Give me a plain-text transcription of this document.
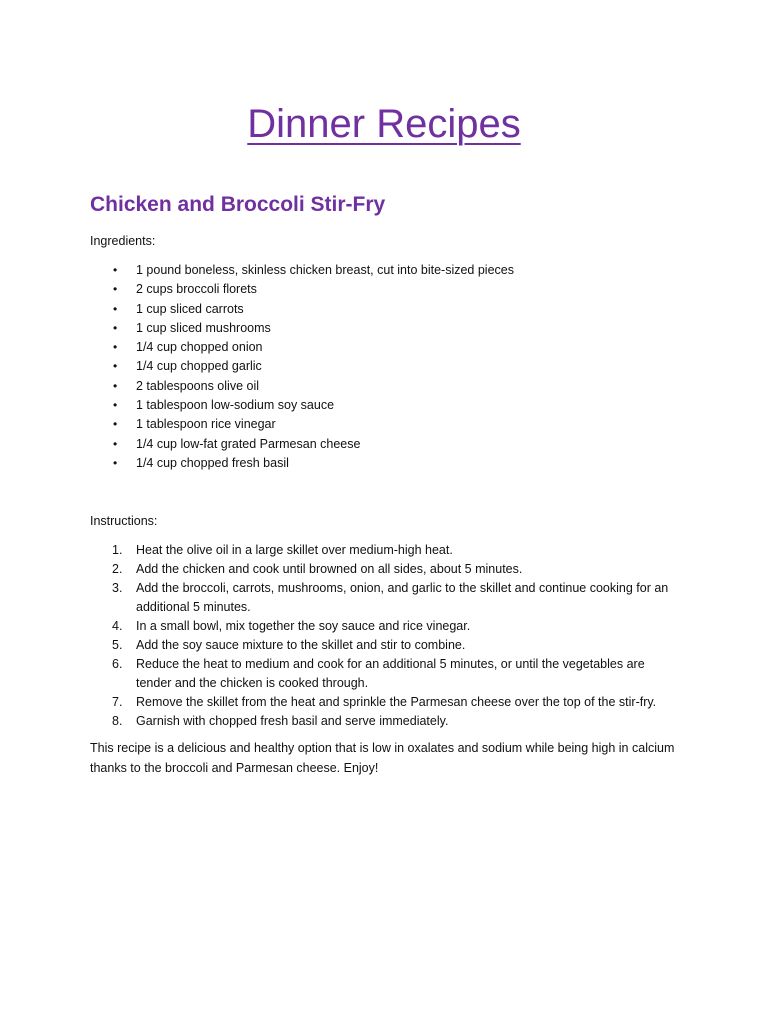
Dinner Recipes
Chicken and Broccoli Stir-Fry

Ingredients:

• 1 pound boneless, skinless chicken breast, cut into bite-sized pieces
• 2 cups broccoli florets
• 1 cup sliced carrots
• 1 cup sliced mushrooms
• 1/4 cup chopped onion
• 1/4 cup chopped garlic
• 2 tablespoons olive oil
• 1 tablespoon low-sodium soy sauce
• 1 tablespoon rice vinegar
• 1/4 cup low-fat grated Parmesan cheese
• 1/4 cup chopped fresh basil

Instructions:

1. Heat the olive oil in a large skillet over medium-high heat.
2. Add the chicken and cook until browned on all sides, about 5 minutes.
3. Add the broccoli, carrots, mushrooms, onion, and garlic to the skillet and continue cooking for an additional 5 minutes.
4. In a small bowl, mix together the soy sauce and rice vinegar.
5. Add the soy sauce mixture to the skillet and stir to combine.
6. Reduce the heat to medium and cook for an additional 5 minutes, or until the vegetables are tender and the chicken is cooked through.
7. Remove the skillet from the heat and sprinkle the Parmesan cheese over the top of the stir-fry.
8. Garnish with chopped fresh basil and serve immediately.

This recipe is a delicious and healthy option that is low in oxalates and sodium while being high in calcium thanks to the broccoli and Parmesan cheese. Enjoy!
